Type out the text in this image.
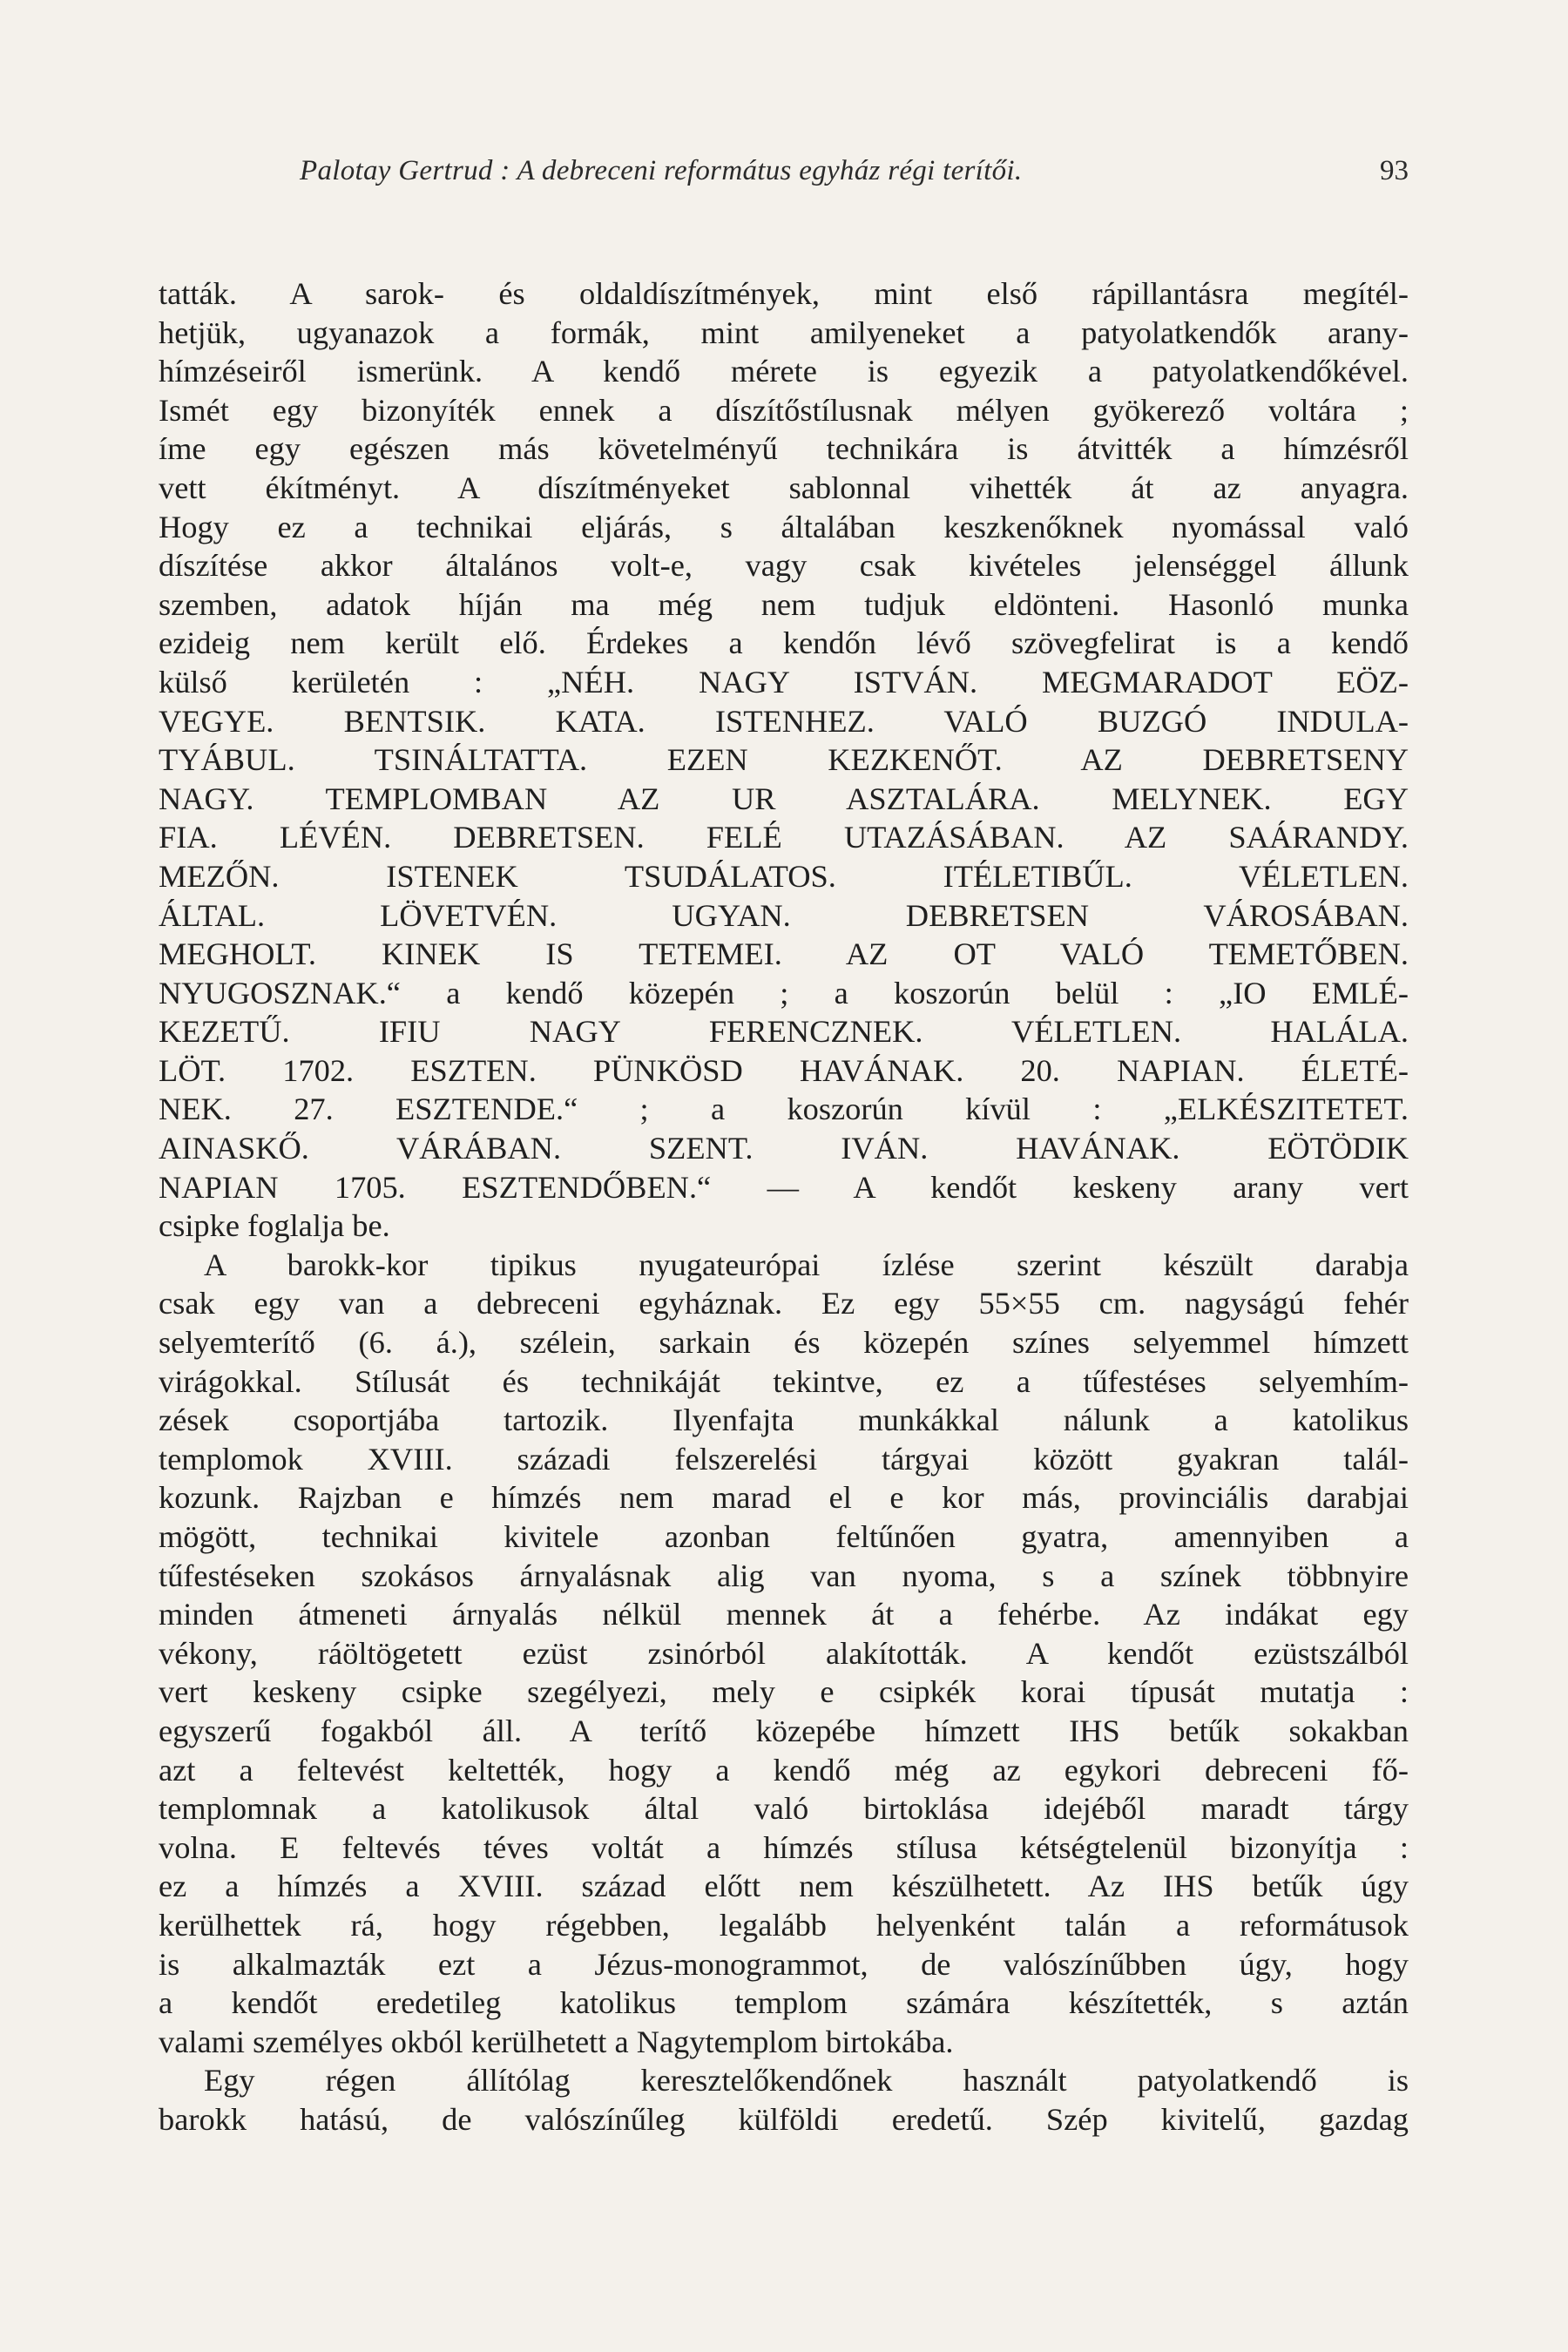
Palotay Gertrud : A debreceni református egyház régi terítői.	93
tatták. A sarok- és oldaldíszítmények, mint első rápillantásra megítél-
hetjük, ugyanazok a formák, mint amilyeneket a patyolatkendők arany-
hímzéseiről ismerünk. A kendő mérete is egyezik a patyolatkendőkével.
Ismét egy bizonyíték ennek a díszítőstílusnak mélyen gyökerező voltára ;
íme egy egészen más követelményű technikára is átvitték a hímzésről
vett ékítményt. A díszítményeket sablonnal vihették át az anyagra.
Hogy ez a technikai eljárás, s általában keszkenőknek nyomással való
díszítése akkor általános volt-e, vagy csak kivételes jelenséggel állunk
szemben, adatok híján ma még nem tudjuk eldönteni. Hasonló munka
ezideig nem került elő. Érdekes a kendőn lévő szövegfelirat is a kendő
külső kerületén : „NÉH. NAGY ISTVÁN. MEGMARADOT EÖZ-
VEGYE. BENTSIK. KATA. ISTENHEZ. VALÓ BUZGÓ INDULA-
TYÁBUL. TSINÁLTATTA. EZEN KEZKENŐT. AZ DEBRETSENY
NAGY. TEMPLOMBAN AZ UR ASZTALÁRA. MELYNEK. EGY
FIA. LÉVÉN. DEBRETSEN. FELÉ UTAZÁSÁBAN. AZ SAÁRANDY.
MEZŐN. ISTENEK TSUDÁLATOS. ITÉLETIBŰL. VÉLETLEN.
ÁLTAL. LÖVETVÉN. UGYAN. DEBRETSEN VÁROSÁBAN.
MEGHOLT. KINEK IS TETEMEI. AZ OT VALÓ TEMETŐBEN.
NYUGOSZNAK.“ a kendő közepén ; a koszorún belül : „IO EMLÉ-
KEZETŰ. IFIU NAGY FERENCZNEK. VÉLETLEN. HALÁLA.
LÖT. 1702. ESZTEN. PÜNKÖSD HAVÁNAK. 20. NAPIAN. ÉLETÉ-
NEK. 27. ESZTENDE.“ ; a koszorún kívül : „ELKÉSZITETET.
AINASKŐ. VÁRÁBAN. SZENT. IVÁN. HAVÁNAK. EÖTÖDIK
NAPIAN 1705. ESZTENDŐBEN.“ — A kendőt keskeny arany vert
csipke foglalja be.
A barokk-kor tipikus nyugateurópai ízlése szerint készült darabja
csak egy van a debreceni egyháznak. Ez egy 55×55 cm. nagyságú fehér
selyemterítő (6. á.), szélein, sarkain és közepén színes selyemmel hímzett
virágokkal. Stílusát és technikáját tekintve, ez a tűfestéses selyemhím-
zések csoportjába tartozik. Ilyenfajta munkákkal nálunk a katolikus
templomok XVIII. századi felszerelési tárgyai között gyakran talál-
kozunk. Rajzban e hímzés nem marad el e kor más, provinciális darabjai
mögött, technikai kivitele azonban feltűnően gyatra, amennyiben a
tűfestéseken szokásos árnyalásnak alig van nyoma, s a színek többnyire
minden átmeneti árnyalás nélkül mennek át a fehérbe. Az indákat egy
vékony, ráöltögetett ezüst zsinórból alakították. A kendőt ezüstszálból
vert keskeny csipke szegélyezi, mely e csipkék korai típusát mutatja :
egyszerű fogakból áll. A terítő közepébe hímzett IHS betűk sokakban
azt a feltevést keltették, hogy a kendő még az egykori debreceni fő-
templomnak a katolikusok által való birtoklása idejéből maradt tárgy
volna. E feltevés téves voltát a hímzés stílusa kétségtelenül bizonyítja :
ez a hímzés a XVIII. század előtt nem készülhetett. Az IHS betűk úgy
kerülhettek rá, hogy régebben, legalább helyenként talán a reformátusok
is alkalmazták ezt a Jézus-monogrammot, de valószínűbben úgy, hogy
a kendőt eredetileg katolikus templom számára készítették, s aztán
valami személyes okból kerülhetett a Nagytemplom birtokába.
Egy régen állítólag keresztelőkendőnek használt patyolatkendő is
barokk hatású, de valószínűleg külföldi eredetű. Szép kivitelű, gazdag
